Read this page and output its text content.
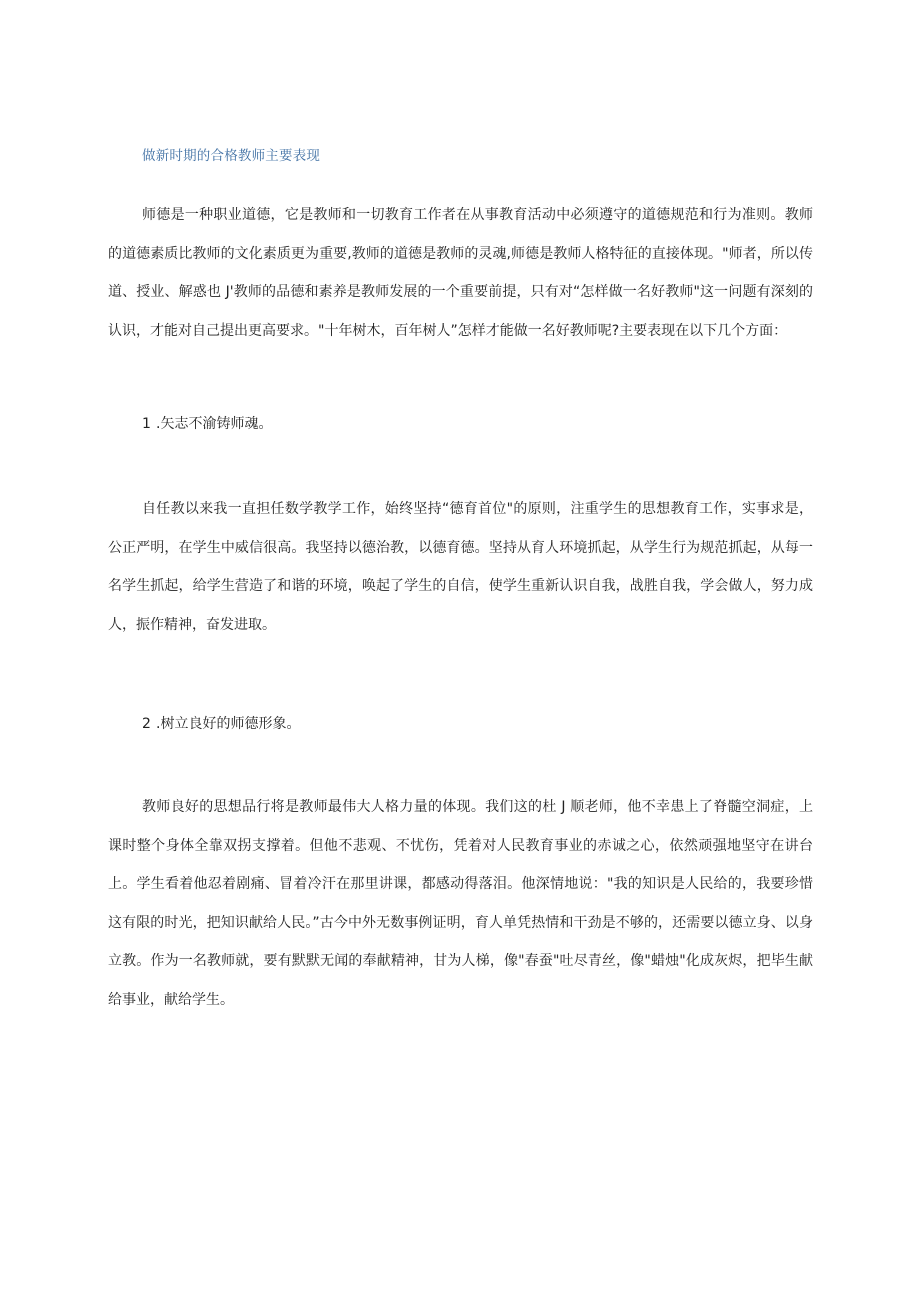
做新时期的合格教师主要表现

师德是一种职业道德，它是教师和一切教育工作者在从事教育活动中必须遵守的道德规范和行为准则。教师的道德素质比教师的文化素质更为重要,教师的道德是教师的灵魂,师德是教师人格特征的直接体现。"师者，所以传道、授业、解惑也 J'教师的品德和素养是教师发展的一个重要前提，只有对“怎样做一名好教师"这一问题有深刻的认识，才能对自己提出更高要求。"十年树木，百年树人”怎样才能做一名好教师呢?主要表现在以下几个方面：

1 .矢志不渝铸师魂。

自任教以来我一直担任数学教学工作，始终坚持“德育首位"的原则，注重学生的思想教育工作，实事求是，公正严明，在学生中威信很高。我坚持以德治教，以德育德。坚持从育人环境抓起，从学生行为规范抓起，从每一名学生抓起，给学生营造了和谐的环境，唤起了学生的自信，使学生重新认识自我，战胜自我，学会做人，努力成人，振作精神，奋发进取。

2 .树立良好的师德形象。

教师良好的思想品行将是教师最伟大人格力量的体现。我们这的杜 J 顺老师，他不幸患上了脊髓空洞症，上课时整个身体全靠双拐支撑着。但他不悲观、不忧伤，凭着对人民教育事业的赤诚之心，依然顽强地坚守在讲台上。学生看着他忍着剧痛、冒着冷汗在那里讲课，都感动得落泪。他深情地说："我的知识是人民给的，我要珍惜这有限的时光，把知识献给人民。”古今中外无数事例证明，育人单凭热情和干劲是不够的，还需要以德立身、以身立教。作为一名教师就，要有默默无闻的奉献精神，甘为人梯，像"春蚕"吐尽青丝，像"蜡烛"化成灰烬，把毕生献给事业，献给学生。
